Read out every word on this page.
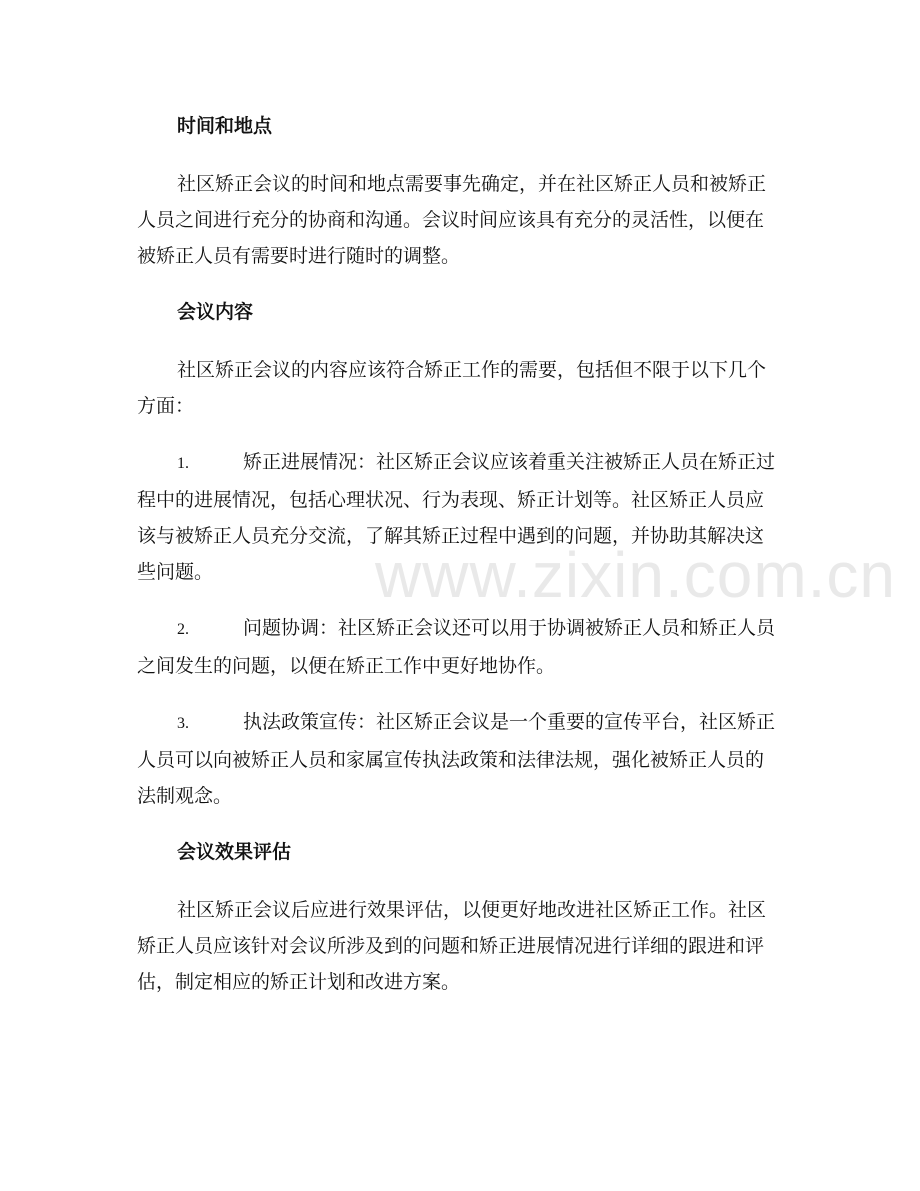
www.zixin.com.cn
时间和地点

社区矫正会议的时间和地点需要事先确定，并在社区矫正人员和被矫正人员之间进行充分的协商和沟通。会议时间应该具有充分的灵活性，以便在被矫正人员有需要时进行随时的调整。

会议内容

社区矫正会议的内容应该符合矫正工作的需要，包括但不限于以下几个方面：

1.	矫正进展情况：社区矫正会议应该着重关注被矫正人员在矫正过程中的进展情况，包括心理状况、行为表现、矫正计划等。社区矫正人员应该与被矫正人员充分交流，了解其矫正过程中遇到的问题，并协助其解决这些问题。
2.	问题协调：社区矫正会议还可以用于协调被矫正人员和矫正人员之间发生的问题，以便在矫正工作中更好地协作。
3.	执法政策宣传：社区矫正会议是一个重要的宣传平台，社区矫正人员可以向被矫正人员和家属宣传执法政策和法律法规，强化被矫正人员的法制观念。
会议效果评估

社区矫正会议后应进行效果评估，以便更好地改进社区矫正工作。社区矫正人员应该针对会议所涉及到的问题和矫正进展情况进行详细的跟进和评估，制定相应的矫正计划和改进方案。
